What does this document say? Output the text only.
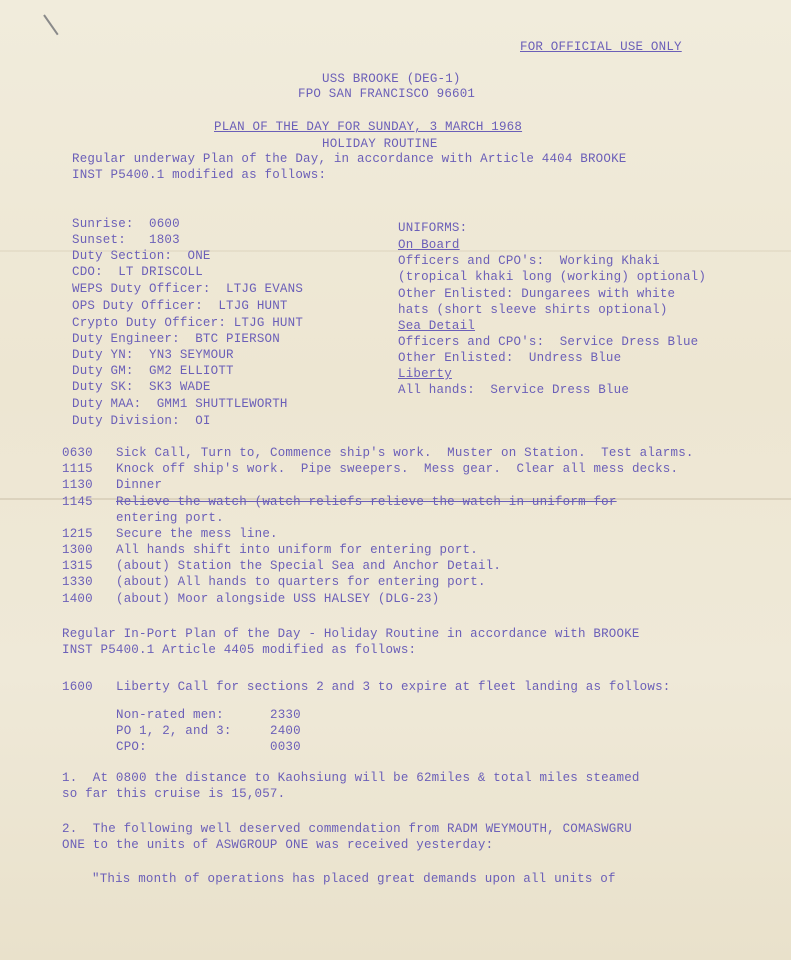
FOR OFFICIAL USE ONLY
USS BROOKE (DEG-1)
FPO SAN FRANCISCO 96601
PLAN OF THE DAY FOR SUNDAY, 3 MARCH 1968
HOLIDAY ROUTINE
Regular underway Plan of the Day, in accordance with Article 4404 BROOKE
INST P5400.1 modified as follows:
Sunrise:  0600
Sunset:   1803
Duty Section:  ONE
CDO:  LT DRISCOLL
WEPS Duty Officer:  LTJG EVANS
OPS Duty Officer:  LTJG HUNT
Crypto Duty Officer: LTJG HUNT
Duty Engineer:  BTC PIERSON
Duty YN:  YN3 SEYMOUR
Duty GM:  GM2 ELLIOTT
Duty SK:  SK3 WADE
Duty MAA:  GMM1 SHUTTLEWORTH
Duty Division:  OI
UNIFORMS:
On Board
Officers and CPO's:  Working Khaki
(tropical khaki long (working) optional)
Other Enlisted: Dungarees with white
hats (short sleeve shirts optional)
Sea Detail
Officers and CPO's:  Service Dress Blue
Other Enlisted:  Undress Blue
Liberty
All hands:  Service Dress Blue
0630 Sick Call, Turn to, Commence ship's work.  Muster on Station.  Test alarms.
1115 Knock off ship's work.  Pipe sweepers.  Mess gear.  Clear all mess decks.
1130 Dinner
1145 Relieve the watch (watch reliefs relieve the watch in uniform for
entering port.
1215 Secure the mess line.
1300 All hands shift into uniform for entering port.
1315 (about) Station the Special Sea and Anchor Detail.
1330 (about) All hands to quarters for entering port.
1400 (about) Moor alongside USS HALSEY (DLG-23)
Regular In-Port Plan of the Day - Holiday Routine in accordance with BROOKE
INST P5400.1 Article 4405 modified as follows:
1600 Liberty Call for sections 2 and 3 to expire at fleet landing as follows:
Non-rated men:	2330
PO 1, 2, and 3:	2400
CPO:	0030
1.  At 0800 the distance to Kaohsiung will be 62miles & total miles steamed
so far this cruise is 15,057.
2.  The following well deserved commendation from RADM WEYMOUTH, COMASWGRU
ONE to the units of ASWGROUP ONE was received yesterday:
"This month of operations has placed great demands upon all units of
